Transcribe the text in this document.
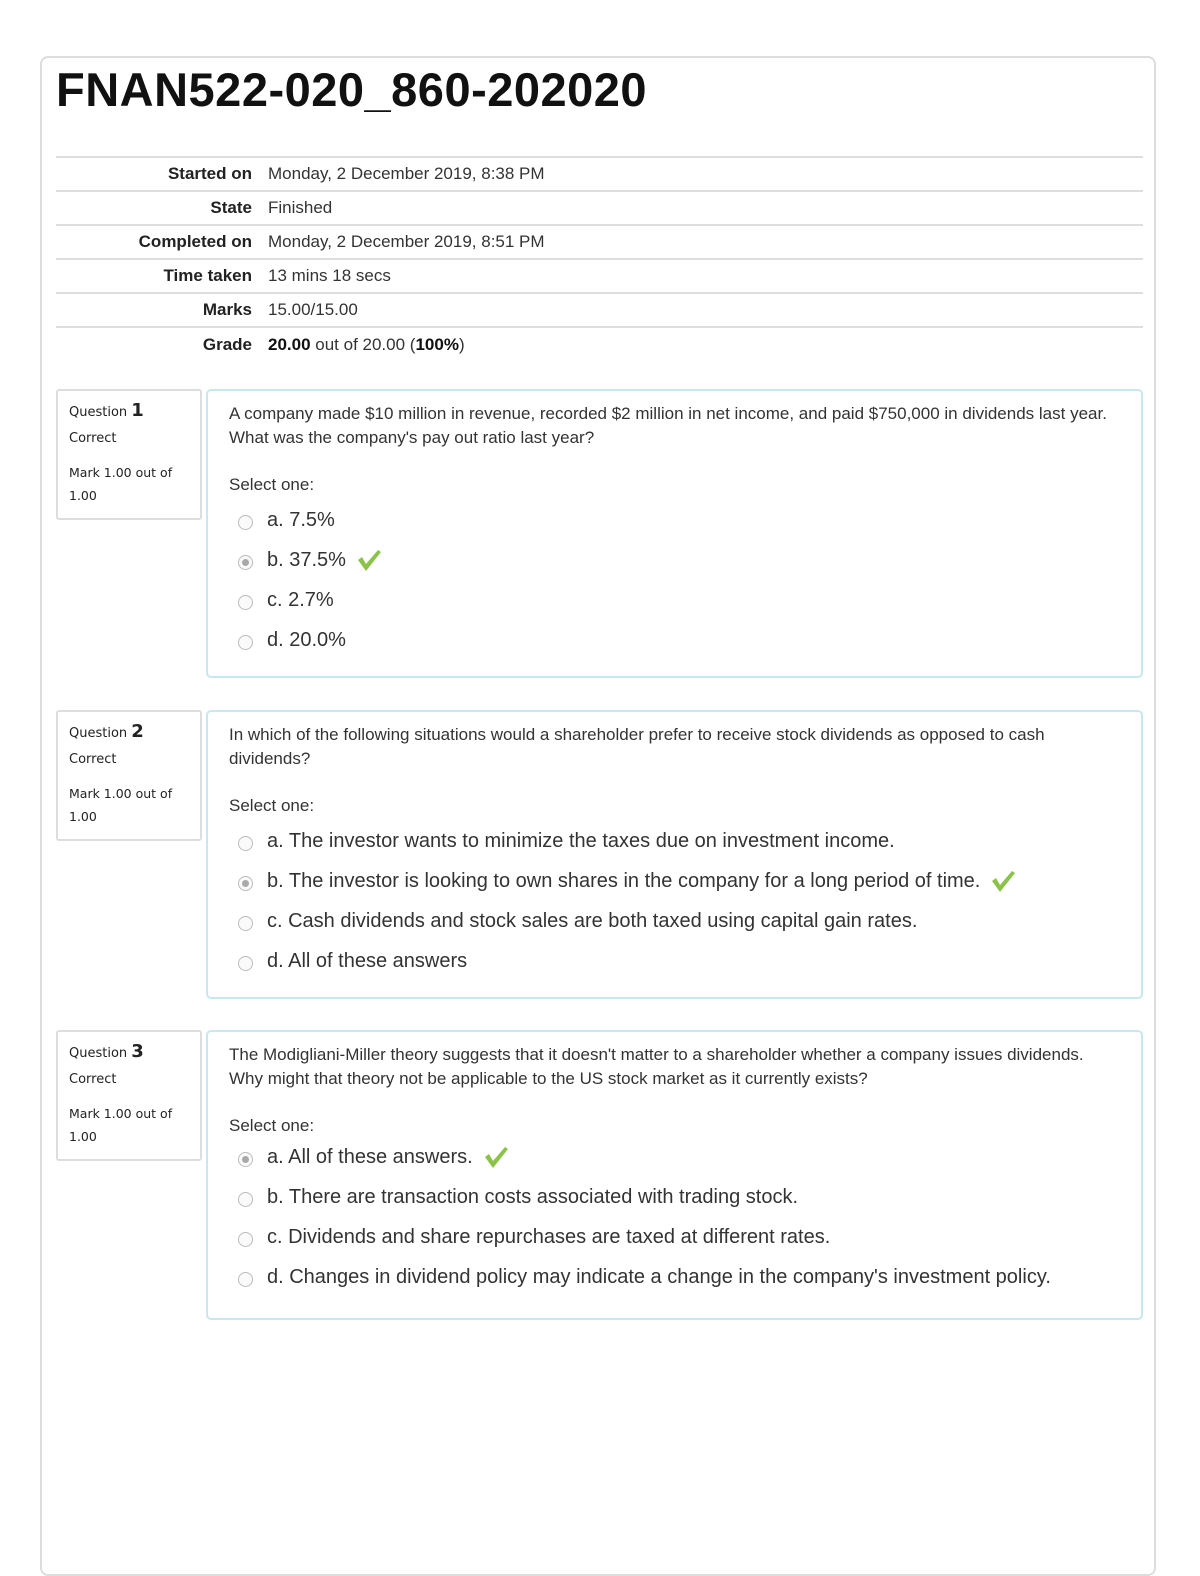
FNAN522-020_860-202020
Started on	Monday, 2 December 2019, 8:38 PM
State	Finished
Completed on	Monday, 2 December 2019, 8:51 PM
Time taken	13 mins 18 secs
Marks	15.00/15.00
Grade	20.00 out of 20.00 (100%)
Question 1
Correct
Mark 1.00 out of 1.00

A company made $10 million in revenue, recorded $2 million in net income, and paid $750,000 in dividends last year. What was the company's pay out ratio last year?

Select one:
a. 7.5%
b. 37.5%
c. 2.7%
d. 20.0%
Question 2
Correct
Mark 1.00 out of 1.00

In which of the following situations would a shareholder prefer to receive stock dividends as opposed to cash dividends?

Select one:
a. The investor wants to minimize the taxes due on investment income.
b. The investor is looking to own shares in the company for a long period of time.
c. Cash dividends and stock sales are both taxed using capital gain rates.
d. All of these answers
Question 3
Correct
Mark 1.00 out of 1.00

The Modigliani-Miller theory suggests that it doesn't matter to a shareholder whether a company issues dividends. Why might that theory not be applicable to the US stock market as it currently exists?

Select one:
a. All of these answers.
b. There are transaction costs associated with trading stock.
c. Dividends and share repurchases are taxed at different rates.
d. Changes in dividend policy may indicate a change in the company's investment policy.
